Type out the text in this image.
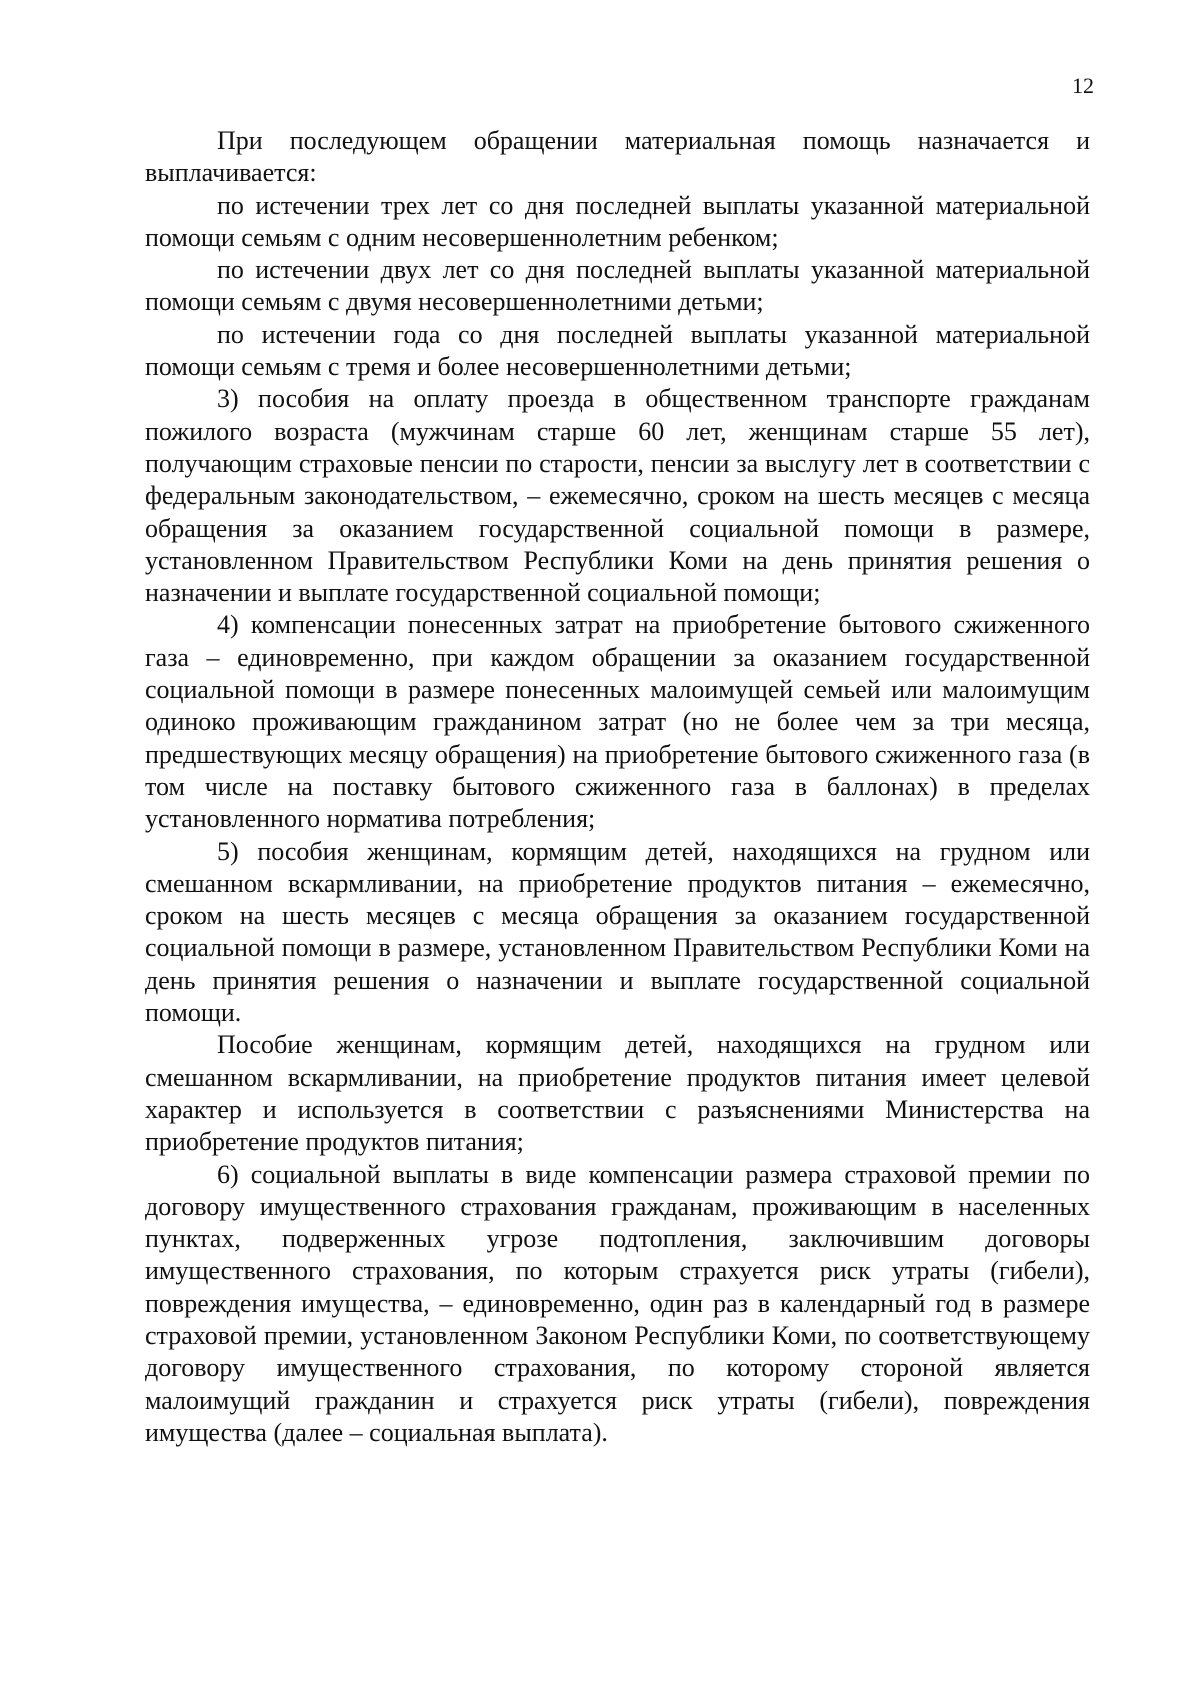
12

При последующем обращении материальная помощь назначается и выплачивается:

по истечении трех лет со дня последней выплаты указанной материальной помощи семьям с одним несовершеннолетним ребенком;

по истечении двух лет со дня последней выплаты указанной материальной помощи семьям с двумя несовершеннолетними детьми;

по истечении года со дня последней выплаты указанной материальной помощи семьям с тремя и более несовершеннолетними детьми;

3) пособия на оплату проезда в общественном транспорте гражданам пожилого возраста (мужчинам старше 60 лет, женщинам старше 55 лет), получающим страховые пенсии по старости, пенсии за выслугу лет в соответствии с федеральным законодательством, – ежемесячно, сроком на шесть месяцев с месяца обращения за оказанием государственной социальной помощи в размере, установленном Правительством Республики Коми на день принятия решения о назначении и выплате государственной социальной помощи;

4) компенсации понесенных затрат на приобретение бытового сжиженного газа – единовременно, при каждом обращении за оказанием государственной социальной помощи в размере понесенных малоимущей семьей или малоимущим одиноко проживающим гражданином затрат (но не более чем за три месяца, предшествующих месяцу обращения) на приобретение бытового сжиженного газа (в том числе на поставку бытового сжиженного газа в баллонах) в пределах установленного норматива потребления;

5) пособия женщинам, кормящим детей, находящихся на грудном или смешанном вскармливании, на приобретение продуктов питания – ежемесячно, сроком на шесть месяцев с месяца обращения за оказанием государственной социальной помощи в размере, установленном Правительством Республики Коми на день принятия решения о назначении и выплате государственной социальной помощи.

Пособие женщинам, кормящим детей, находящихся на грудном или смешанном вскармливании, на приобретение продуктов питания имеет целевой характер и используется в соответствии с разъяснениями Министерства на приобретение продуктов питания;

6) социальной выплаты в виде компенсации размера страховой премии по договору имущественного страхования гражданам, проживающим в населенных пунктах, подверженных угрозе подтопления, заключившим договоры имущественного страхования, по которым страхуется риск утраты (гибели), повреждения имущества, – единовременно, один раз в календарный год в размере страховой премии, установленном Законом Республики Коми, по соответствующему договору имущественного страхования, по которому стороной является малоимущий гражданин и страхуется риск утраты (гибели), повреждения имущества (далее – социальная выплата).
